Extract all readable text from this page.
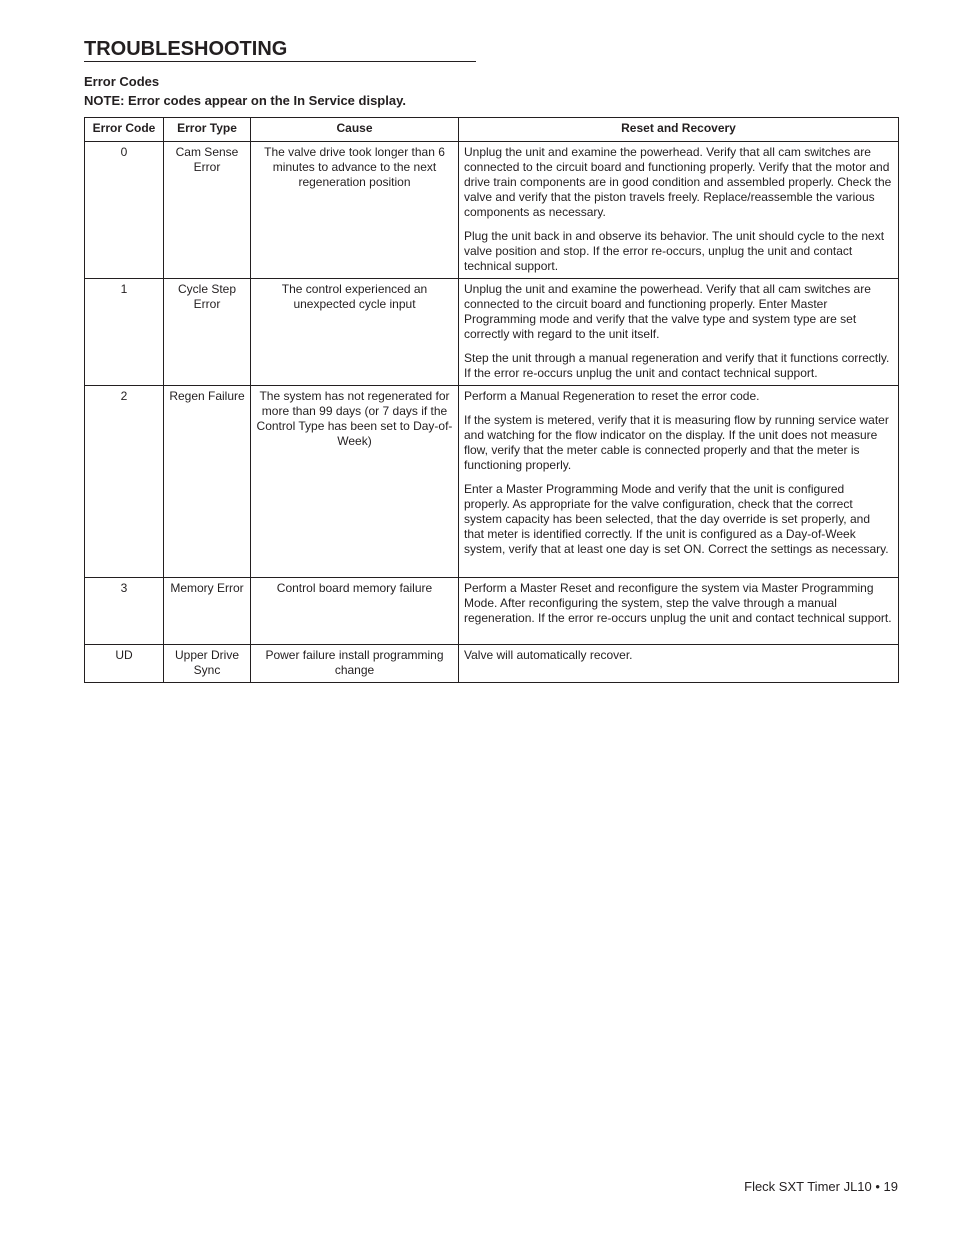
TROUBLESHOOTING
Error Codes
NOTE: Error codes appear on the In Service display.
Error Code	Error Type	Cause	Reset and Recovery
0	Cam Sense Error	The valve drive took longer than 6 minutes to advance to the next regeneration position	Unplug the unit and examine the powerhead. Verify that all cam switches are connected to the circuit board and functioning properly. Verify that the motor and drive train components are in good condition and assembled properly. Check the valve and verify that the piston travels freely. Replace/reassemble the various components as necessary.

Plug the unit back in and observe its behavior. The unit should cycle to the next valve position and stop. If the error re-occurs, unplug the unit and contact technical support.

1	Cycle Step Error	The control experienced an unexpected cycle input	Unplug the unit and examine the powerhead. Verify that all cam switches are connected to the circuit board and functioning properly. Enter Master Programming mode and verify that the valve type and system type are set correctly with regard to the unit itself.

Step the unit through a manual regeneration and verify that it functions correctly. If the error re-occurs unplug the unit and contact technical support.

2	Regen Failure	The system has not regenerated for more than 99 days (or 7 days if the Control Type has been set to Day-of-Week)	Perform a Manual Regeneration to reset the error code.

If the system is metered, verify that it is measuring flow by running service water and watching for the flow indicator on the display. If the unit does not measure flow, verify that the meter cable is connected properly and that the meter is functioning properly.

Enter a Master Programming Mode and verify that the unit is configured properly. As appropriate for the valve configuration, check that the correct system capacity has been selected, that the day override is set properly, and that meter is identified correctly. If the unit is configured as a Day-of-Week system, verify that at least one day is set ON. Correct the settings as necessary.

3	Memory Error	Control board memory failure	Perform a Master Reset and reconfigure the system via Master Programming Mode. After reconfiguring the system, step the valve through a manual regeneration. If the error re-occurs unplug the unit and contact technical support.

UD	Upper Drive Sync	Power failure install programming change	Valve will automatically recover.

Fleck SXT Timer JL10 • 19
